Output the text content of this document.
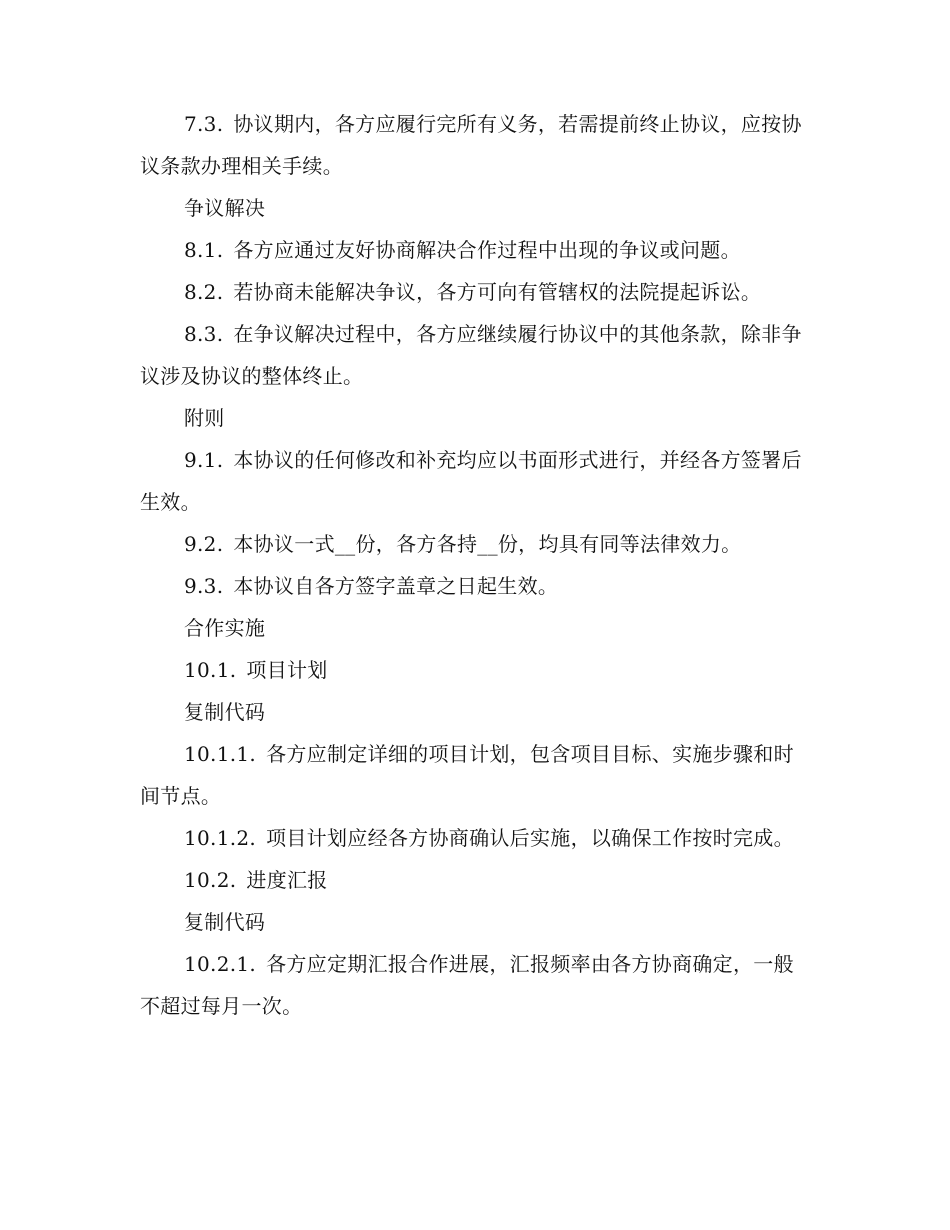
7.3. 协议期内，各方应履行完所有义务，若需提前终止协议，应按协议条款办理相关手续。

争议解决

8.1. 各方应通过友好协商解决合作过程中出现的争议或问题。

8.2. 若协商未能解决争议，各方可向有管辖权的法院提起诉讼。

8.3. 在争议解决过程中，各方应继续履行协议中的其他条款，除非争议涉及协议的整体终止。

附则

9.1. 本协议的任何修改和补充均应以书面形式进行，并经各方签署后生效。

9.2. 本协议一式__份，各方各持__份，均具有同等法律效力。

9.3. 本协议自各方签字盖章之日起生效。

合作实施

10.1. 项目计划

复制代码

10.1.1. 各方应制定详细的项目计划，包含项目目标、实施步骤和时间节点。

10.1.2. 项目计划应经各方协商确认后实施，以确保工作按时完成。

10.2. 进度汇报

复制代码

10.2.1. 各方应定期汇报合作进展，汇报频率由各方协商确定，一般不超过每月一次。
